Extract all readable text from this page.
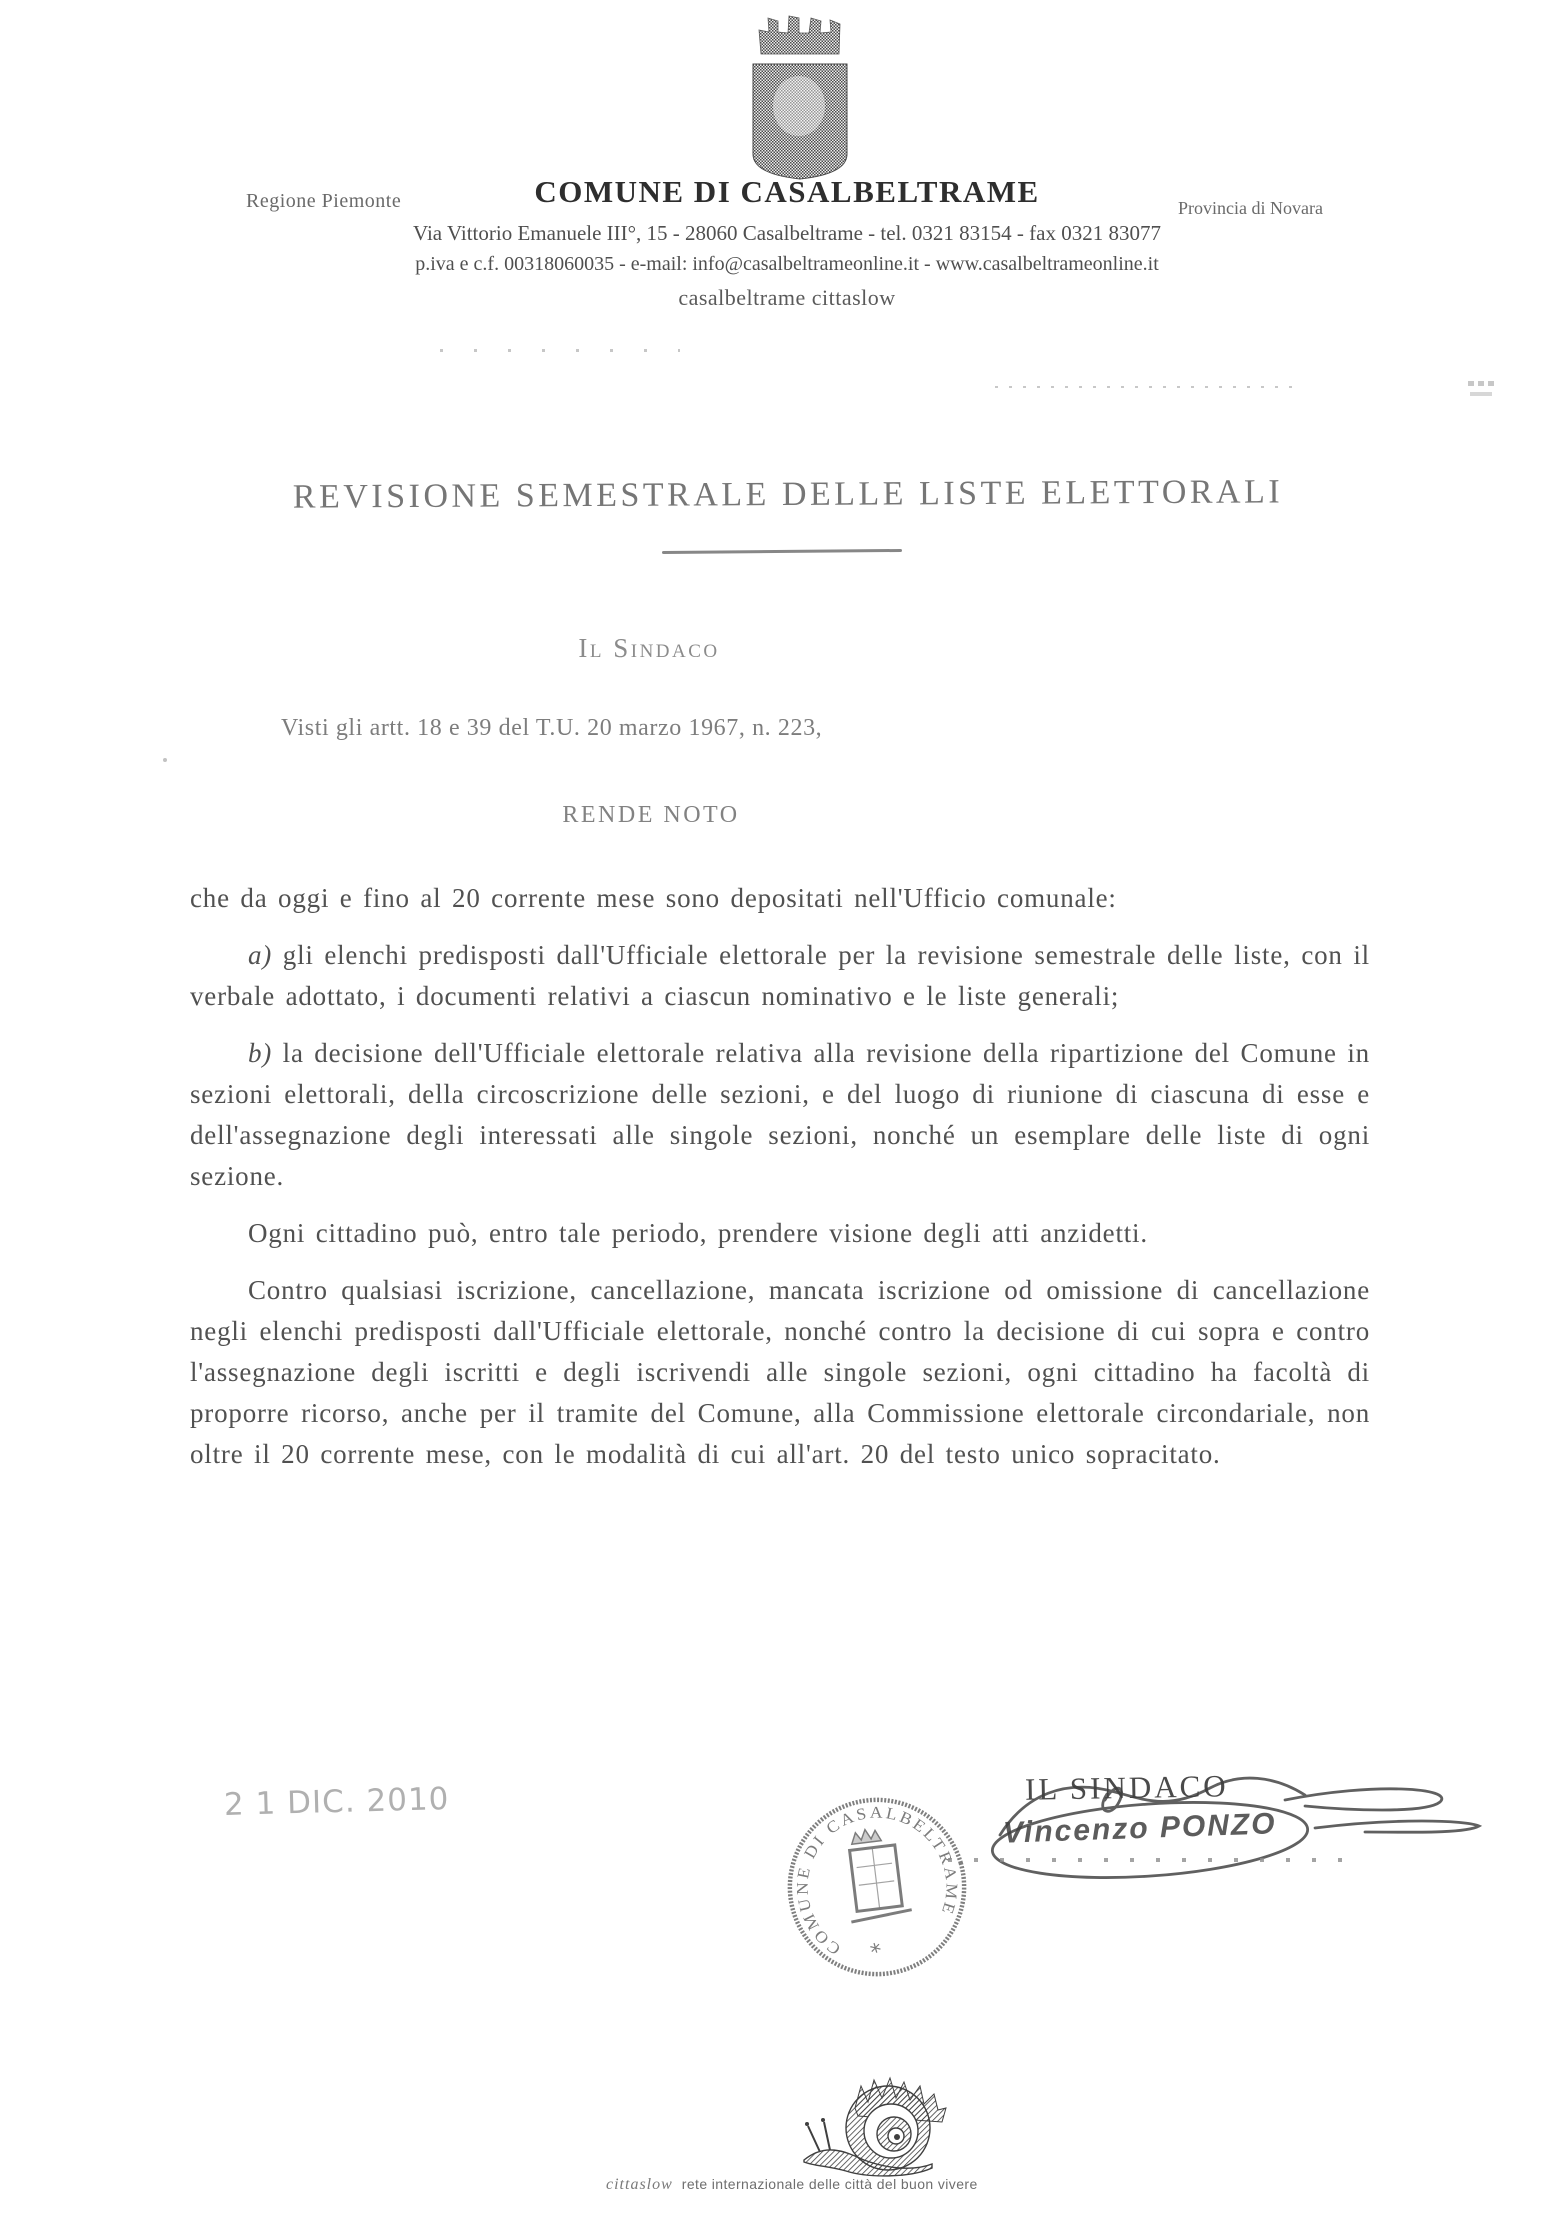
Regione Piemonte	COMUNE DI CASALBELTRAME	Provincia di Novara
Via Vittorio Emanuele III°, 15 - 28060 Casalbeltrame - tel. 0321 83154 - fax 0321 83077
p.iva e c.f. 00318060035 - e-mail: info@casalbeltrameonline.it - www.casalbeltrameonline.it
casalbeltrame cittaslow
REVISIONE SEMESTRALE DELLE LISTE ELETTORALI
Il Sindaco
Visti gli artt. 18 e 39 del T.U. 20 marzo 1967, n. 223,
RENDE NOTO

che da oggi e fino al 20 corrente mese sono depositati nell'Ufficio comunale:

a) gli elenchi predisposti dall'Ufficiale elettorale per la revisione semestrale delle liste, con il verbale adottato, i documenti relativi a ciascun nominativo e le liste generali;

b) la decisione dell'Ufficiale elettorale relativa alla revisione della ripartizione del Comune in sezioni elettorali, della circoscrizione delle sezioni, e del luogo di riunione di ciascuna di esse e dell'assegnazione degli interessati alle singole sezioni, nonché un esemplare delle liste di ogni sezione.

Ogni cittadino può, entro tale periodo, prendere visione degli atti anzidetti.

Contro qualsiasi iscrizione, cancellazione, mancata iscrizione od omissione di cancellazione negli elenchi predisposti dall'Ufficiale elettorale, nonché contro la decisione di cui sopra e contro l'assegnazione degli iscritti e degli iscrivendi alle singole sezioni, ogni cittadino ha facoltà di proporre ricorso, anche per il tramite del Comune, alla Commissione elettorale circondariale, non oltre il 20 corrente mese, con le modalità di cui all'art. 20 del testo unico sopracitato.

2 1 DIC. 2010
COMUNE DI CASALBELTRAME
*
IL SINDACO
Vincenzo PONZO
cittaslow rete internazionale delle città del buon vivere
